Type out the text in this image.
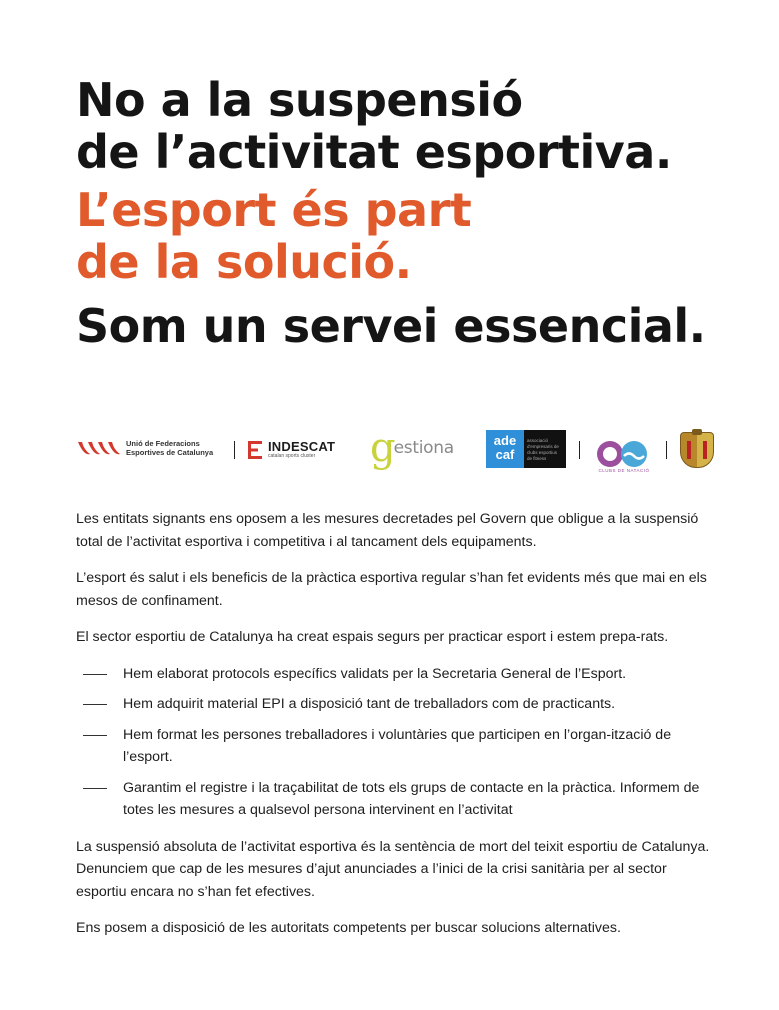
No a la suspensió
de l’activitat esportiva.
L’esport és part
de la solució.
Som un servei essencial.
Unió de Federacions
Esportives de Catalunya	INDESCAT
catalan sports cluster	g
estiona	ade
caf
associació d'empresaris de clubs esportius de fitness
CLUBS DE NATACIÓ

Les entitats signants ens oposem a les mesures decretades pel Govern que obligue a la suspensió total de l’activitat esportiva i competitiva i al tancament dels equipaments.

L’esport és salut i els beneficis de la pràctica esportiva regular s’han fet evidents més que mai en els mesos de confinament.

El sector esportiu de Catalunya ha creat espais segurs per practicar esport i estem prepa-rats.

Hem elaborat protocols específics validats per la Secretaria General de l’Esport.
Hem adquirit material EPI a disposició tant de treballadors com de practicants.
Hem format les persones treballadores i voluntàries que participen en l’organ-ització de l’esport.
Garantim el registre i la traçabilitat de tots els grups de contacte en la pràctica. Informem de totes les mesures a qualsevol persona intervinent en l’activitat

La suspensió absoluta de l’activitat esportiva és la sentència de mort del teixit esportiu de Catalunya. Denunciem que cap de les mesures d’ajut anunciades a l’inici de la crisi sanitària per al sector esportiu encara no s’han fet efectives.

Ens posem a disposició de les autoritats competents per buscar solucions alternatives.
